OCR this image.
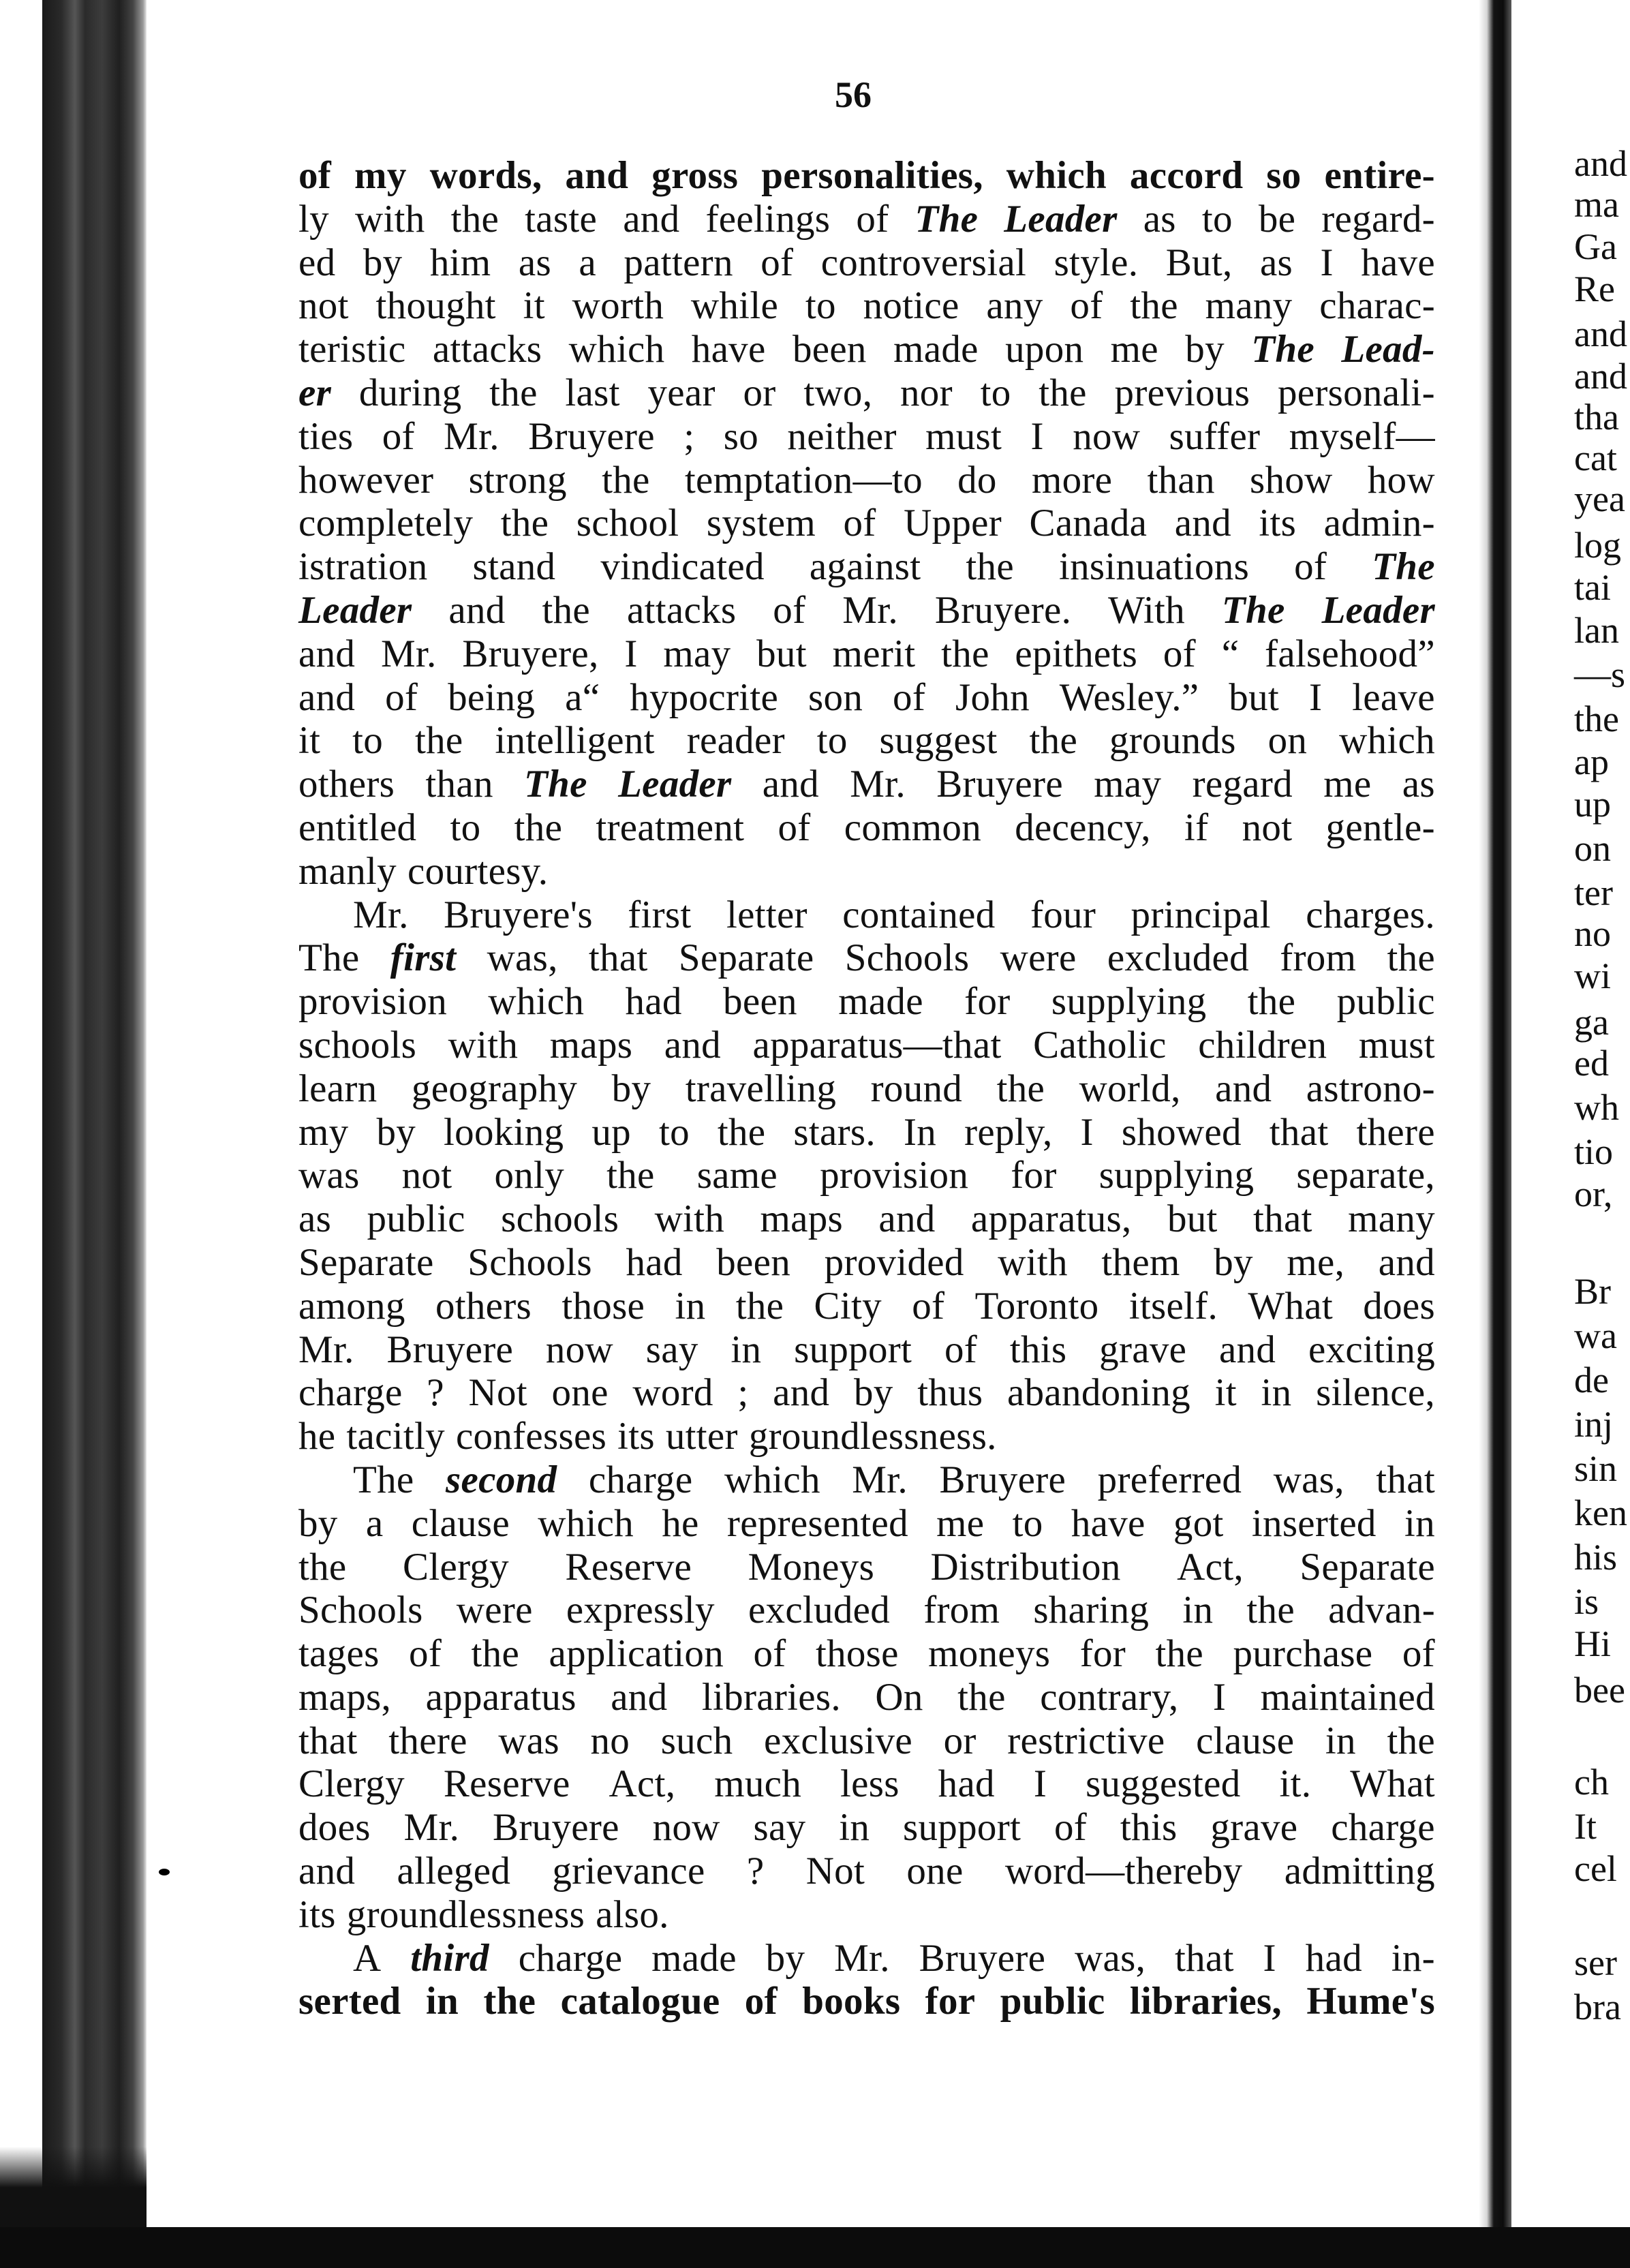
and
ma
Ga
Re
and
and
tha
cat
yea
log
tai
lan
—s
the
ap
up
on
ter
no
wi
ga
ed
wh
tio
or,
Br
wa
de
inj
sin
ken
his
is
Hi
bee
ch
It
cel
ser
bra
56
of my words, and gross personalities, which accord so entire-
ly with the taste and feelings of The Leader as to be regard-
ed by him as a pattern of controversial style. But, as I have
not thought it worth while to notice any of the many charac-
teristic attacks which have been made upon me by The Lead-
er during the last year or two, nor to the previous personali-
ties of Mr. Bruyere ; so neither must I now suffer myself—
however strong the temptation—to do more than show how
completely the school system of Upper Canada and its admin-
istration stand vindicated against the insinuations of The
Leader and the attacks of Mr. Bruyere. With The Leader
and Mr. Bruyere, I may but merit the epithets of “ falsehood”
and of being a“ hypocrite son of John Wesley.” but I leave
it to the intelligent reader to suggest the grounds on which
others than The Leader and Mr. Bruyere may regard me as
entitled to the treatment of common decency, if not gentle-
manly courtesy.
Mr. Bruyere's first letter contained four principal charges.
The first was, that Separate Schools were excluded from the
provision which had been made for supplying the public
schools with maps and apparatus—that Catholic children must
learn geography by travelling round the world, and astrono-
my by looking up to the stars. In reply, I showed that there
was not only the same provision for supplying separate,
as public schools with maps and apparatus, but that many
Separate Schools had been provided with them by me, and
among others those in the City of Toronto itself. What does
Mr. Bruyere now say in support of this grave and exciting
charge ? Not one word ; and by thus abandoning it in silence,
he tacitly confesses its utter groundlessness.
The second charge which Mr. Bruyere preferred was, that
by a clause which he represented me to have got inserted in
the Clergy Reserve Moneys Distribution Act, Separate
Schools were expressly excluded from sharing in the advan-
tages of the application of those moneys for the purchase of
maps, apparatus and libraries. On the contrary, I maintained
that there was no such exclusive or restrictive clause in the
Clergy Reserve Act, much less had I suggested it. What
does Mr. Bruyere now say in support of this grave charge
and alleged grievance ? Not one word—thereby admitting
its groundlessness also.
A third charge made by Mr. Bruyere was, that I had in-
serted in the catalogue of books for public libraries, Hume's
